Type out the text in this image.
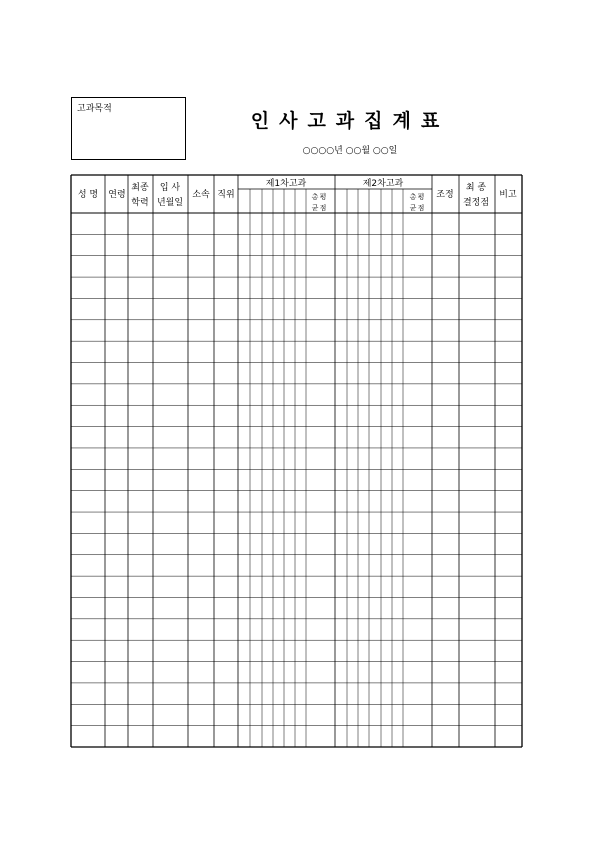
고과목적
인사고과집계표
○○○○년 ○○월 ○○일
성 명 연령
최종
학력
입 사
년월일
소속 직위
제1차고과
총 평
균 점
제2차고과
총 평
균 점
조정
최 종
결정점
비고
